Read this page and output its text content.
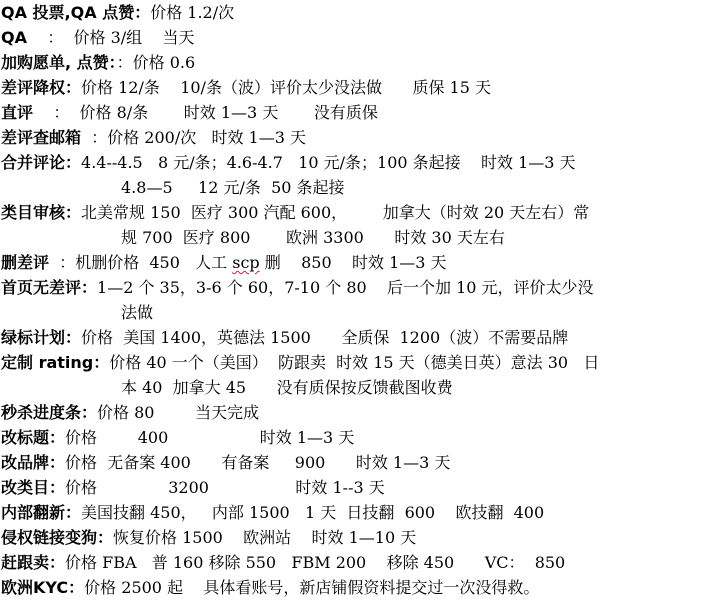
QA 投票,QA 点赞：价格 1.2/次
QA    ：  价格 3/组    当天
加购愿单, 点赞：：价格 0.6
差评降权：价格 12/条    10/条（波）评价太少没法做      质保 15 天
直评    ：  价格 8/条       时效 1—3 天       没有质保
差评查邮箱  ：价格 200/次   时效 1—3 天
合并评论：4.4--4.5   8 元/条；4.6-4.7   10 元/条；100 条起接    时效 1—3 天
4.8—5     12 元/条  50 条起接
类目审核：北美常规 150  医疗 300 汽配 600，       加拿大（时效 20 天左右）常
规 700  医疗 800       欧洲 3300      时效 30 天左右
删差评  ：机删价格  450   人工 scp 删    850    时效 1—3 天
首页无差评：1—2 个 35，3-6 个 60，7-10 个 80    后一个加 10 元，评价太少没
法做
绿标计划：价格  美国 1400，英德法 1500      全质保  1200（波）不需要品牌
定制 rating：价格 40 一个（美国）  防跟卖  时效 15 天（德美日英）意法 30   日
本 40  加拿大 45      没有质保按反馈截图收费
秒杀进度条：价格 80        当天完成
改标题：价格        400                  时效 1—3 天
改品牌：价格  无备案 400      有备案     900      时效 1—3 天
改类目：价格              3200                 时效 1--3 天
内部翻新：美国技翻 450，   内部 1500   1 天  日技翻  600    欧技翻  400
侵权链接变狗：恢复价格 1500    欧洲站    时效 1—10 天
赶跟卖：价格 FBA   普 160 移除 550   FBM 200    移除 450      VC：  850
欧洲KYC：价格 2500 起    具体看账号，新店铺假资料提交过一次没得救。
